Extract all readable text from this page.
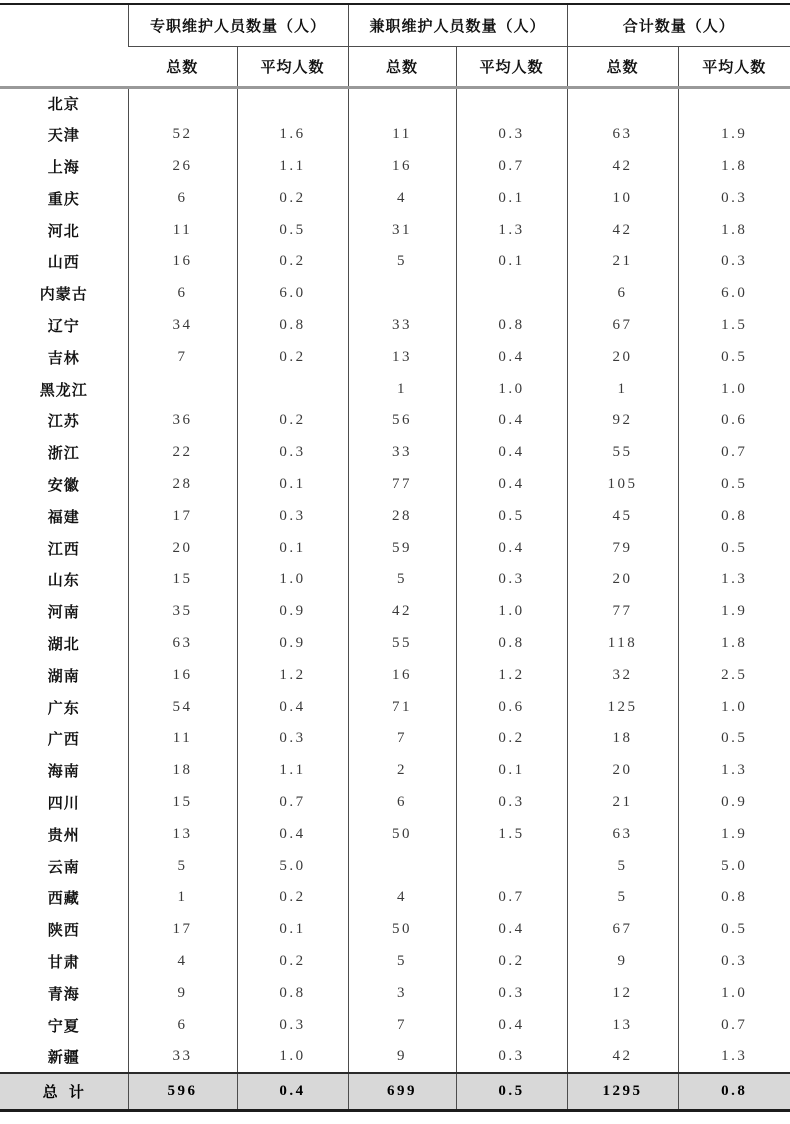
	专职维护人员数量（人）		兼职维护人员数量（人）		合计数量（人）	
	总数	平均人数	总数	平均人数	总数	平均人数
北京						
天津	52	1.6	11	0.3	63	1.9
上海	26	1.1	16	0.7	42	1.8
重庆	6	0.2	4	0.1	10	0.3
河北	11	0.5	31	1.3	42	1.8
山西	16	0.2	5	0.1	21	0.3
内蒙古	6	6.0			6	6.0
辽宁	34	0.8	33	0.8	67	1.5
吉林	7	0.2	13	0.4	20	0.5
黑龙江			1	1.0	1	1.0
江苏	36	0.2	56	0.4	92	0.6
浙江	22	0.3	33	0.4	55	0.7
安徽	28	0.1	77	0.4	105	0.5
福建	17	0.3	28	0.5	45	0.8
江西	20	0.1	59	0.4	79	0.5
山东	15	1.0	5	0.3	20	1.3
河南	35	0.9	42	1.0	77	1.9
湖北	63	0.9	55	0.8	118	1.8
湖南	16	1.2	16	1.2	32	2.5
广东	54	0.4	71	0.6	125	1.0
广西	11	0.3	7	0.2	18	0.5
海南	18	1.1	2	0.1	20	1.3
四川	15	0.7	6	0.3	21	0.9
贵州	13	0.4	50	1.5	63	1.9
云南	5	5.0			5	5.0
西藏	1	0.2	4	0.7	5	0.8
陕西	17	0.1	50	0.4	67	0.5
甘肃	4	0.2	5	0.2	9	0.3
青海	9	0.8	3	0.3	12	1.0
宁夏	6	0.3	7	0.4	13	0.7
新疆	33	1.0	9	0.3	42	1.3
总  计	596	0.4	699	0.5	1295	0.8
